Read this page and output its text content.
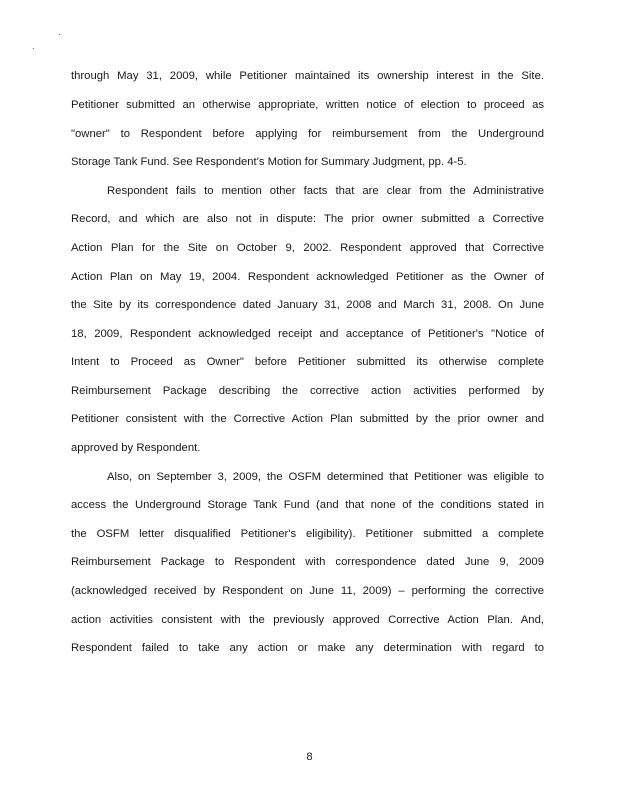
through May 31, 2009, while Petitioner maintained its ownership interest in the Site.
Petitioner submitted an otherwise appropriate, written notice of election to proceed as
"owner" to Respondent before applying for reimbursement from the Underground
Storage Tank Fund. See Respondent's Motion for Summary Judgment, pp. 4-5.
Respondent fails to mention other facts that are clear from the Administrative
Record, and which are also not in dispute: The prior owner submitted a Corrective
Action Plan for the Site on October 9, 2002. Respondent approved that Corrective
Action Plan on May 19, 2004. Respondent acknowledged Petitioner as the Owner of
the Site by its correspondence dated January 31, 2008 and March 31, 2008. On June
18, 2009, Respondent acknowledged receipt and acceptance of Petitioner's "Notice of
Intent to Proceed as Owner" before Petitioner submitted its otherwise complete
Reimbursement Package describing the corrective action activities performed by
Petitioner consistent with the Corrective Action Plan submitted by the prior owner and
approved by Respondent.
Also, on September 3, 2009, the OSFM determined that Petitioner was eligible to
access the Underground Storage Tank Fund (and that none of the conditions stated in
the OSFM letter disqualified Petitioner's eligibility). Petitioner submitted a complete
Reimbursement Package to Respondent with correspondence dated June 9, 2009
(acknowledged received by Respondent on June 11, 2009) – performing the corrective
action activities consistent with the previously approved Corrective Action Plan. And,
Respondent failed to take any action or make any determination with regard to
8
